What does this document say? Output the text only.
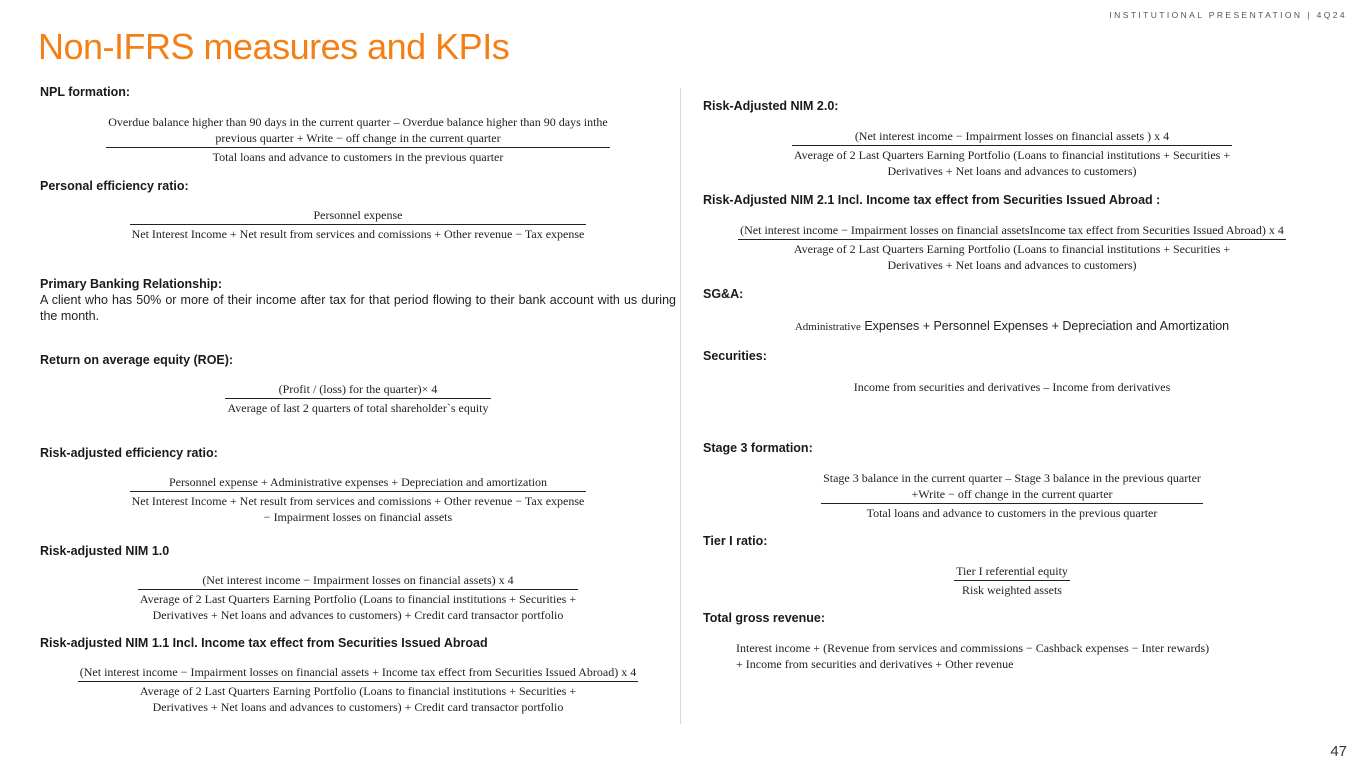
INSTITUTIONAL PRESENTATION | 4Q24
Non-IFRS measures and KPIs
47
NPL formation:
Overdue balance higher than 90 days in the current quarter – Overdue balance higher than 90 days inthe
previous quarter + Write − off change in the current quarter
Total loans and advance to customers in the previous quarter
Personal efficiency ratio:
Personnel expense
Net Interest Income + Net result from services and comissions + Other revenue − Tax expense
Primary Banking Relationship:
A client who has 50% or more of their income after tax for that period flowing to their bank account with us during the month.
Return on average equity (ROE):
(Profit / (loss) for the quarter)× 4
Average of last 2 quarters of total shareholder`s equity
Risk-adjusted efficiency ratio:
Personnel expense + Administrative expenses + Depreciation and amortization
Net Interest Income + Net result from services and comissions + Other revenue − Tax expense
− Impairment losses on financial assets
Risk-adjusted NIM 1.0
(Net interest income − Impairment losses on financial assets) x 4
Average of 2 Last Quarters Earning Portfolio (Loans to financial institutions + Securities +
Derivatives + Net loans and advances to customers) + Credit card transactor portfolio
Risk-adjusted NIM 1.1 Incl. Income tax effect from Securities Issued Abroad
(Net interest income − Impairment losses on financial assets + Income tax effect from Securities Issued Abroad) x 4
Average of 2 Last Quarters Earning Portfolio (Loans to financial institutions + Securities +
Derivatives + Net loans and advances to customers) + Credit card transactor portfolio
Risk-Adjusted NIM 2.0:
(Net interest income − Impairment losses on financial assets ) x 4
Average of 2 Last Quarters Earning Portfolio (Loans to financial institutions + Securities +
Derivatives + Net loans and advances to customers)
Risk-Adjusted NIM 2.1 Incl. Income tax effect from Securities Issued Abroad :
(Net interest income − Impairment losses on financial assetsIncome tax effect from Securities Issued Abroad) x 4
Average of 2 Last Quarters Earning Portfolio (Loans to financial institutions + Securities +
Derivatives + Net loans and advances to customers)
SG&A:
Administrative Expenses + Personnel Expenses + Depreciation and Amortization
Securities:
Income from securities and derivatives – Income from derivatives
Stage 3 formation:
Stage 3 balance in the current quarter – Stage 3 balance in the previous quarter
+Write − off change in the current quarter
Total loans and advance to customers in the previous quarter
Tier I ratio:
Tier I referential equity
Risk weighted assets
Total gross revenue:
Interest income + (Revenue from services and commissions − Cashback expenses − Inter rewards)
+ Income from securities and derivatives + Other revenue
